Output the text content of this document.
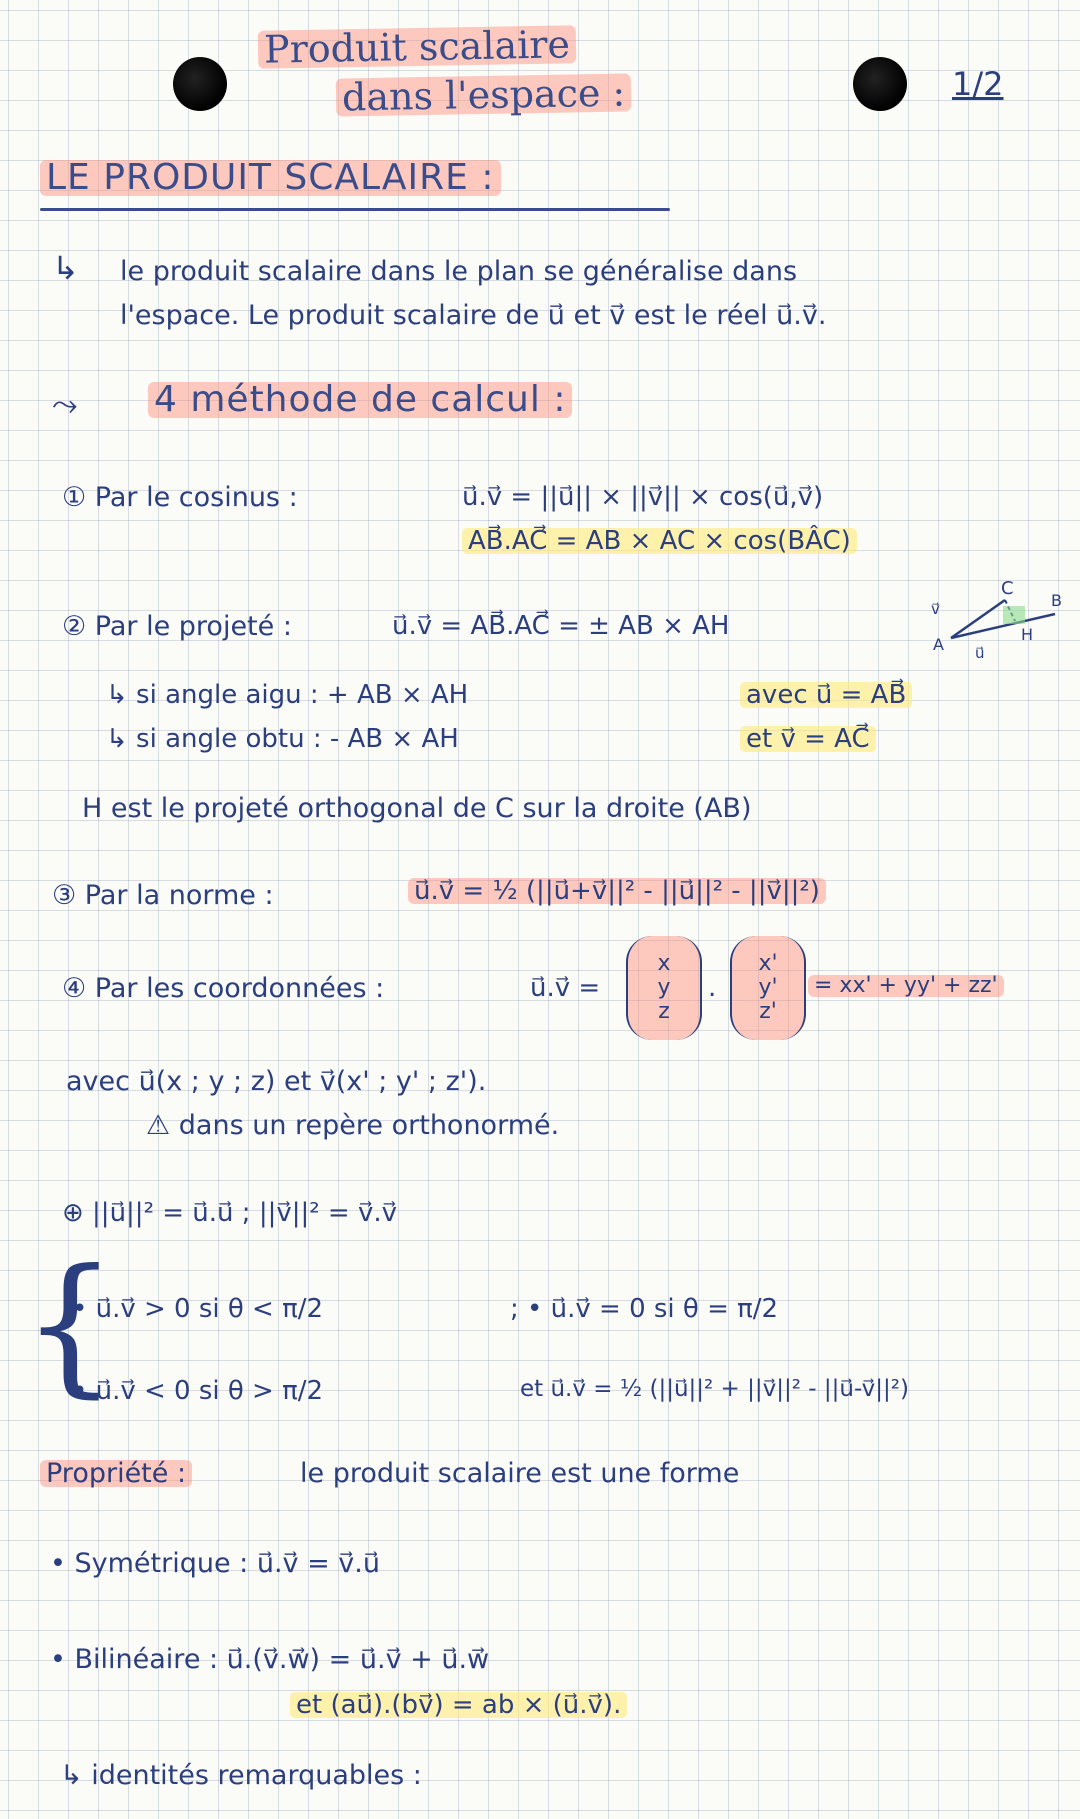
Produit scalaire
dans l'espace :	1/2
LE PRODUIT SCALAIRE :
↳ le produit scalaire dans le plan se généralise dans
l'espace. Le produit scalaire de u⃗ et v⃗ est le réel u⃗.v⃗.
⤳ 4 méthode de calcul :
① Par le cosinus :	u⃗.v⃗ = ||u⃗|| × ||v⃗|| × cos(u⃗,v⃗)
AB⃗.AC⃗ = AB × AC × cos(BÂC)
② Par le projeté :	u⃗.v⃗ = AB⃗.AC⃗ = ± AB × AH
C
A
B
H
v⃗
u⃗
↳ si angle aigu : + AB × AH
↳ si angle obtu : - AB × AH
avec u⃗ = AB⃗
et v⃗ = AC⃗
H est le projeté orthogonal de C sur la droite (AB)
③ Par la norme :	u⃗.v⃗ = ½ (||u⃗+v⃗||² - ||u⃗||² - ||v⃗||²)
④ Par les coordonnées :	u⃗.v⃗ =
x
y
z
.
x'
y'
z'
= xx' + yy' + zz'
avec u⃗(x ; y ; z) et v⃗(x' ; y' ; z').
⚠ dans un repère orthonormé.
⊕ ||u⃗||² = u⃗.u⃗ ; ||v⃗||² = v⃗.v⃗
{
• u⃗.v⃗ > 0 si θ < π/2	; • u⃗.v⃗ = 0 si θ = π/2
• u⃗.v⃗ < 0 si θ > π/2	et u⃗.v⃗ = ½ (||u⃗||² + ||v⃗||² - ||u⃗-v⃗||²)
Propriété :	le produit scalaire est une forme
• Symétrique : u⃗.v⃗ = v⃗.u⃗
• Bilinéaire : u⃗.(v⃗.w⃗) = u⃗.v⃗ + u⃗.w⃗
et (au⃗).(bv⃗) = ab × (u⃗.v⃗).
↳ identités remarquables :
